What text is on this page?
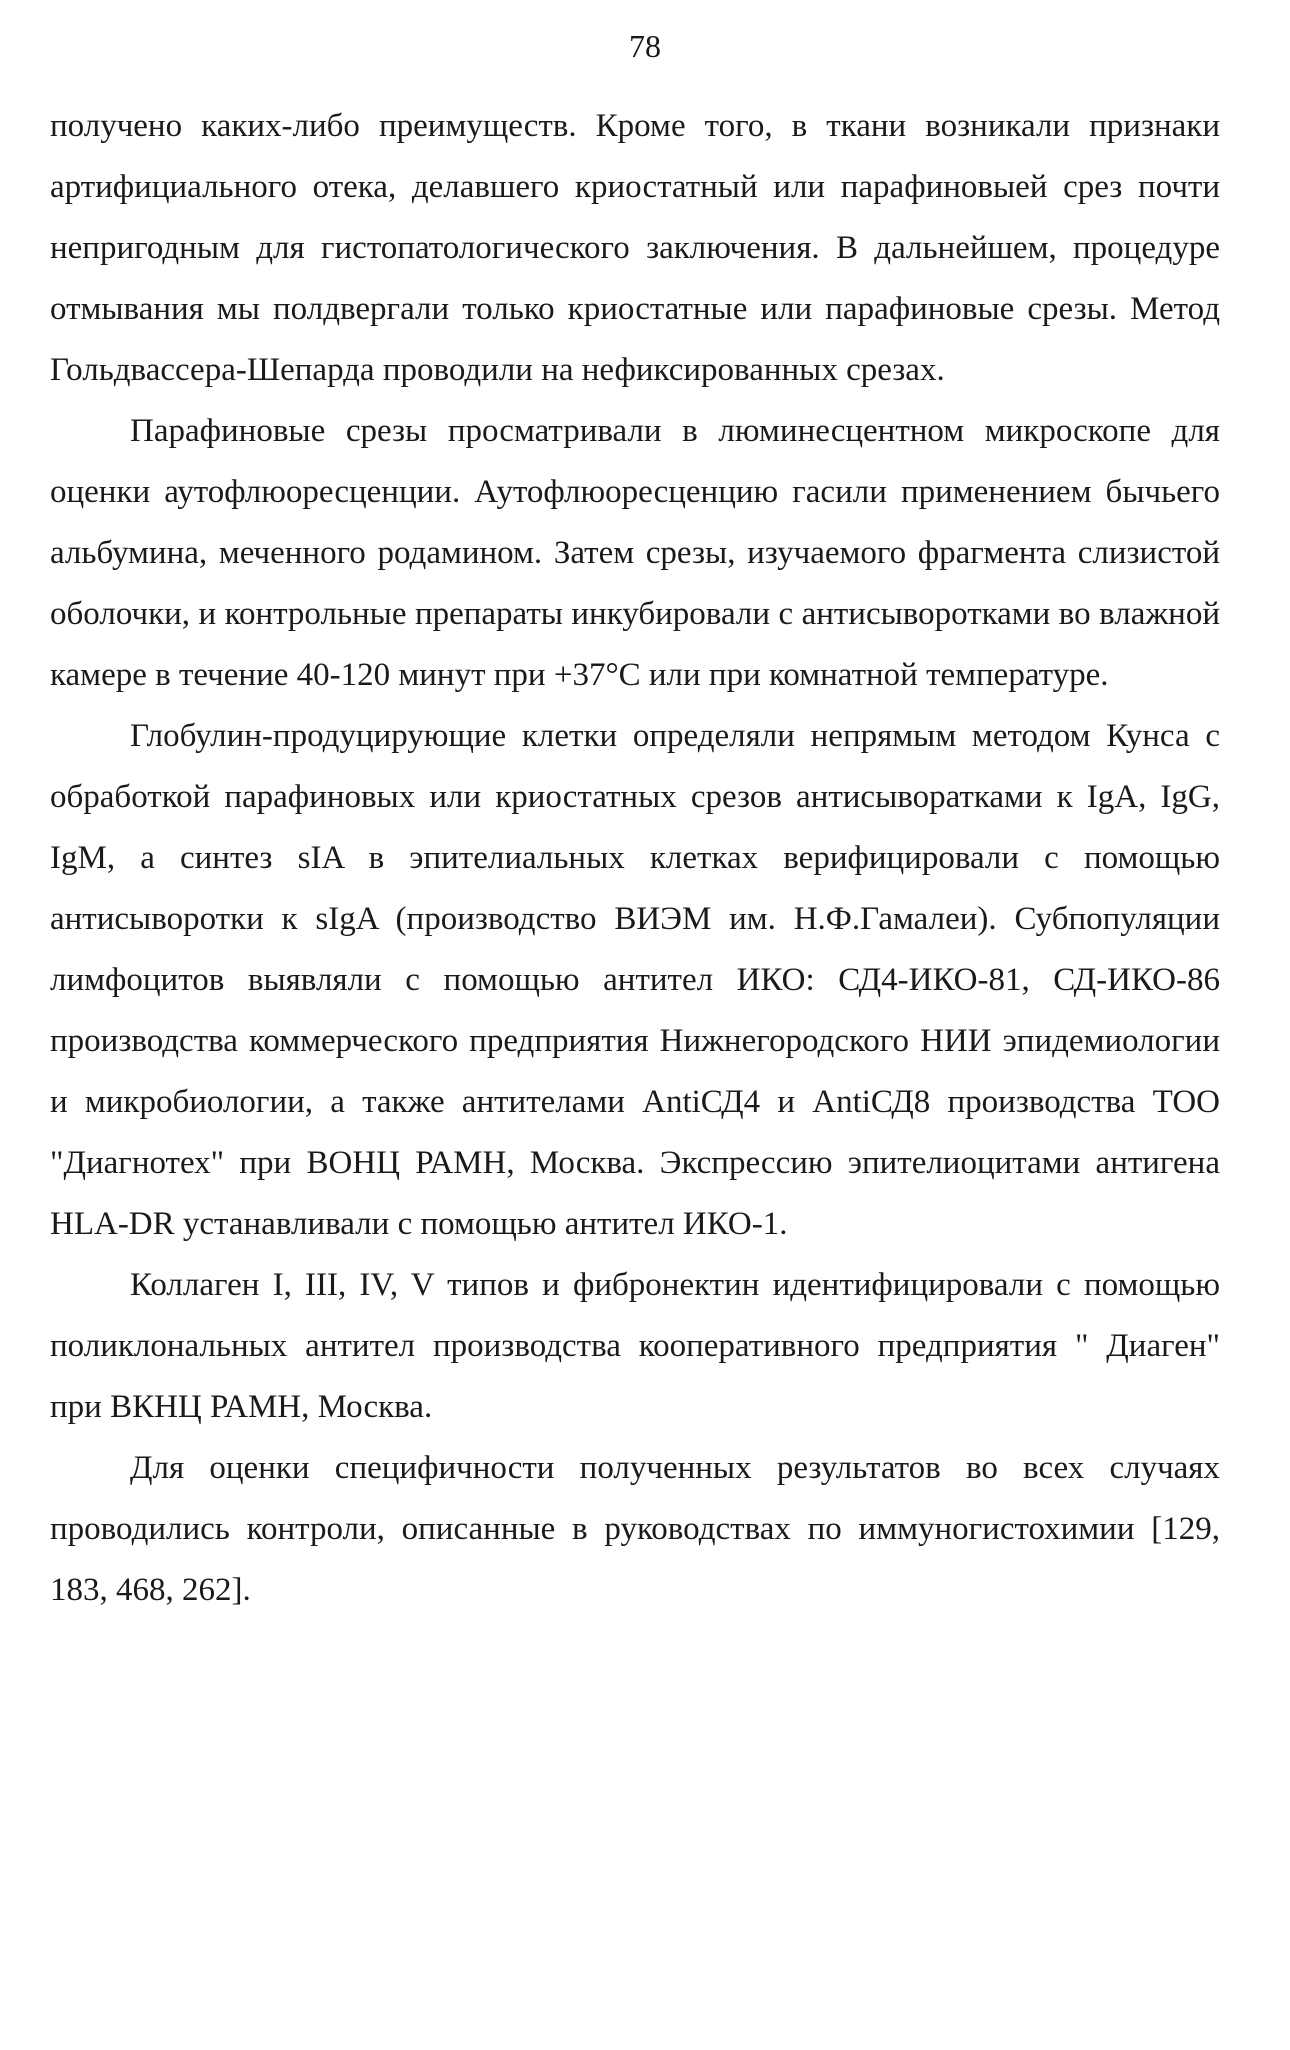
78

получено каких-либо преимуществ. Кроме того, в ткани возникали признаки артифициального отека, делавшего криостатный или парафиновыей срез почти непригодным для гистопатологического заключения. В дальнейшем, процедуре отмывания мы полдвергали только криостатные или парафиновые срезы. Метод Гольдвассера-Шепарда проводили на нефиксированных срезах.

Парафиновые срезы просматривали в люминесцентном микроскопе для оценки аутофлюоресценции. Аутофлюоресценцию гасили применением бычьего альбумина, меченного родамином. Затем срезы, изучаемого фрагмента слизистой оболочки, и контрольные препараты инкубировали с антисыворотками во влажной камере в течение 40-120 минут при +37°С или при комнатной температуре.

Глобулин-продуцирующие клетки определяли непрямым методом Кунса с обработкой парафиновых или криостатных срезов антисыворатками к IgA, IgG, IgM, а синтез sIA в эпителиальных клетках верифицировали с помощью антисыворотки к sIgA (производство ВИЭМ им. Н.Ф.Гамалеи). Субпопуляции лимфоцитов выявляли с помощью антител ИКО: СД4-ИКО-81, СД-ИКО-86 производства коммерческого предприятия Нижнегородского НИИ эпидемиологии и микробиологии, а также антителами AntiСД4 и AntiСД8 производства ТОО "Диагнотех" при ВОНЦ РАМН, Москва. Экспрессию эпителиоцитами антигена HLA-DR устанавливали с помощью антител ИКО-1.

Коллаген I, III, IV, V типов и фибронектин идентифицировали с помощью поликлональных антител производства кооперативного предприятия " Диаген" при ВКНЦ РАМН, Москва.

Для оценки специфичности полученных результатов во всех случаях проводились контроли, описанные в руководствах по иммуногистохимии [129, 183, 468, 262].
